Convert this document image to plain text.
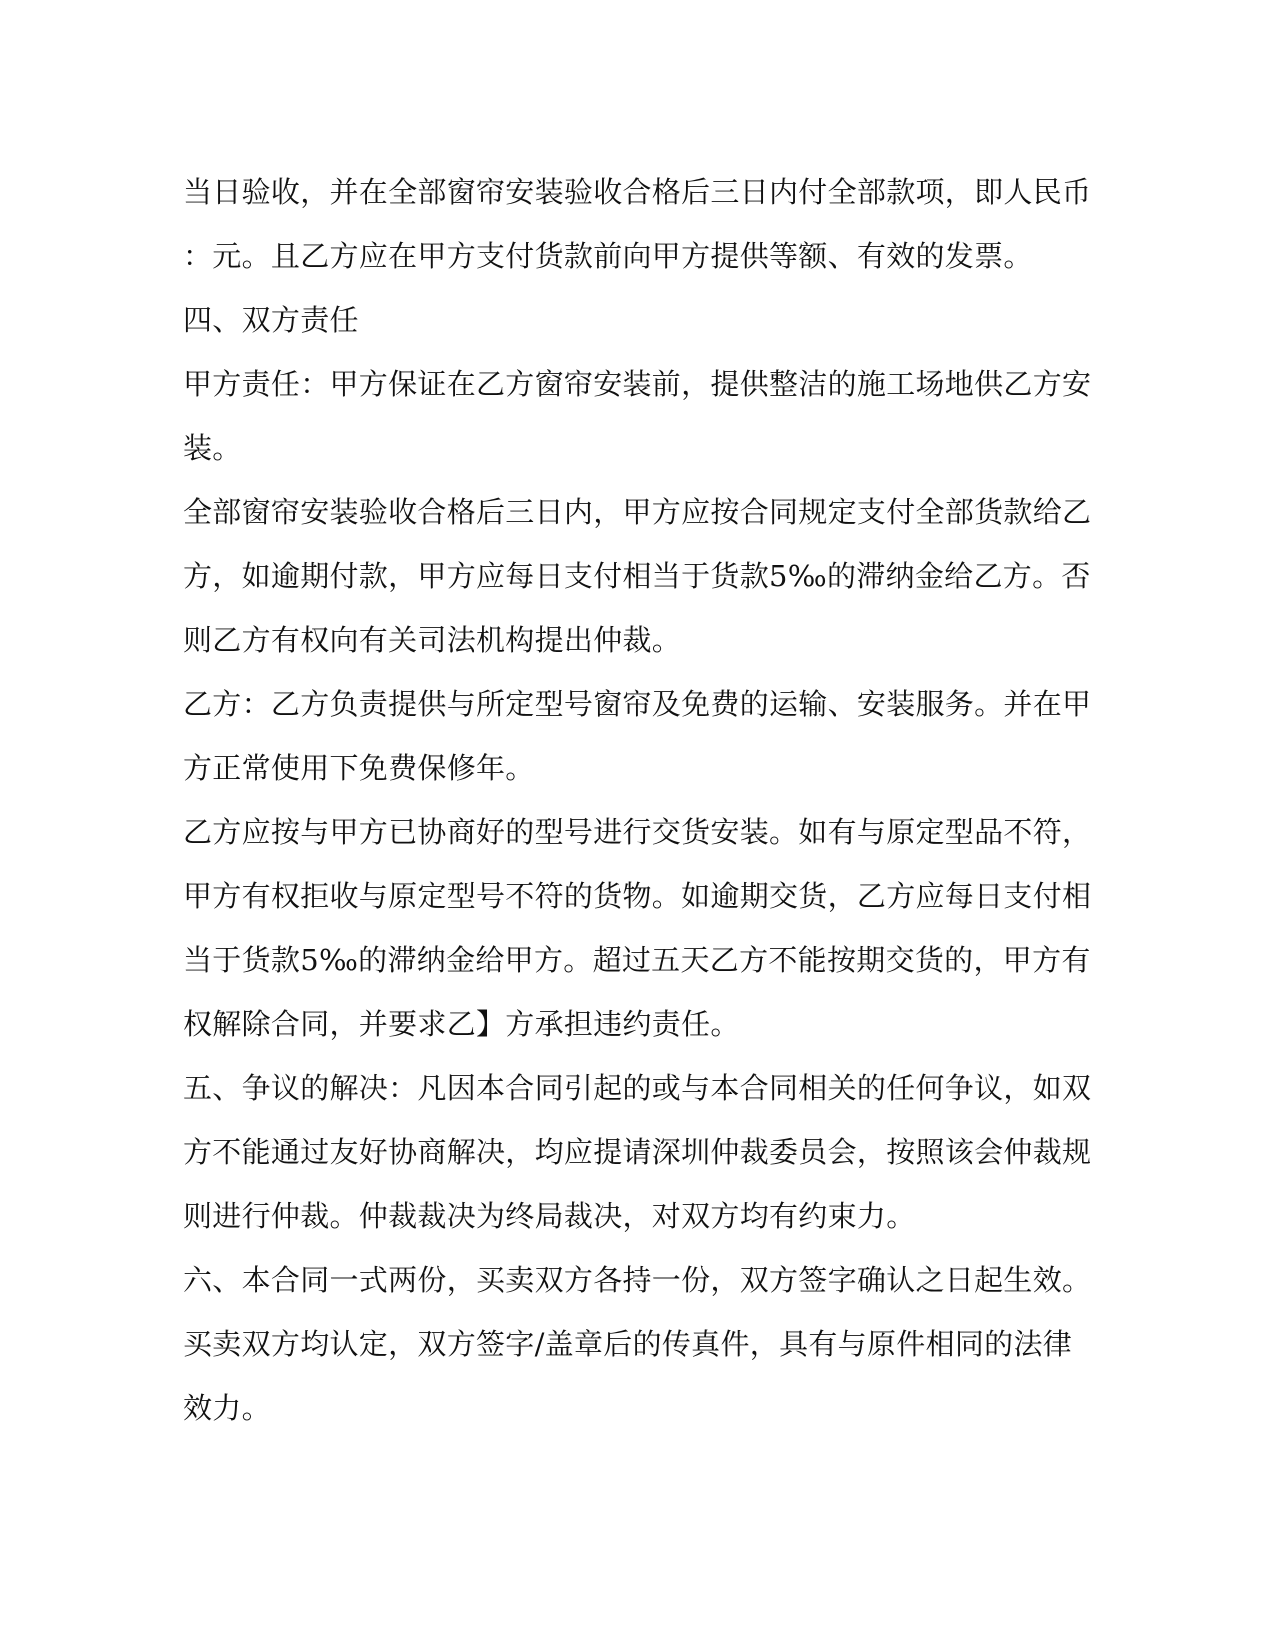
当日验收，并在全部窗帘安装验收合格后三日内付全部款项，即人民币
：元。且乙方应在甲方支付货款前向甲方提供等额、有效的发票。
四、双方责任
甲方责任：甲方保证在乙方窗帘安装前，提供整洁的施工场地供乙方安
装。
全部窗帘安装验收合格后三日内，甲方应按合同规定支付全部货款给乙
方，如逾期付款，甲方应每日支付相当于货款5‰的滞纳金给乙方。否
则乙方有权向有关司法机构提出仲裁。
乙方：乙方负责提供与所定型号窗帘及免费的运输、安装服务。并在甲
方正常使用下免费保修年。
乙方应按与甲方已协商好的型号进行交货安装。如有与原定型品不符，
甲方有权拒收与原定型号不符的货物。如逾期交货，乙方应每日支付相
当于货款5‰的滞纳金给甲方。超过五天乙方不能按期交货的，甲方有
权解除合同，并要求乙】方承担违约责任。
五、争议的解决：凡因本合同引起的或与本合同相关的任何争议，如双
方不能通过友好协商解决，均应提请深圳仲裁委员会，按照该会仲裁规
则进行仲裁。仲裁裁决为终局裁决，对双方均有约束力。
六、本合同一式两份，买卖双方各持一份，双方签字确认之日起生效。
买卖双方均认定，双方签字/盖章后的传真件，具有与原件相同的法律
效力。
